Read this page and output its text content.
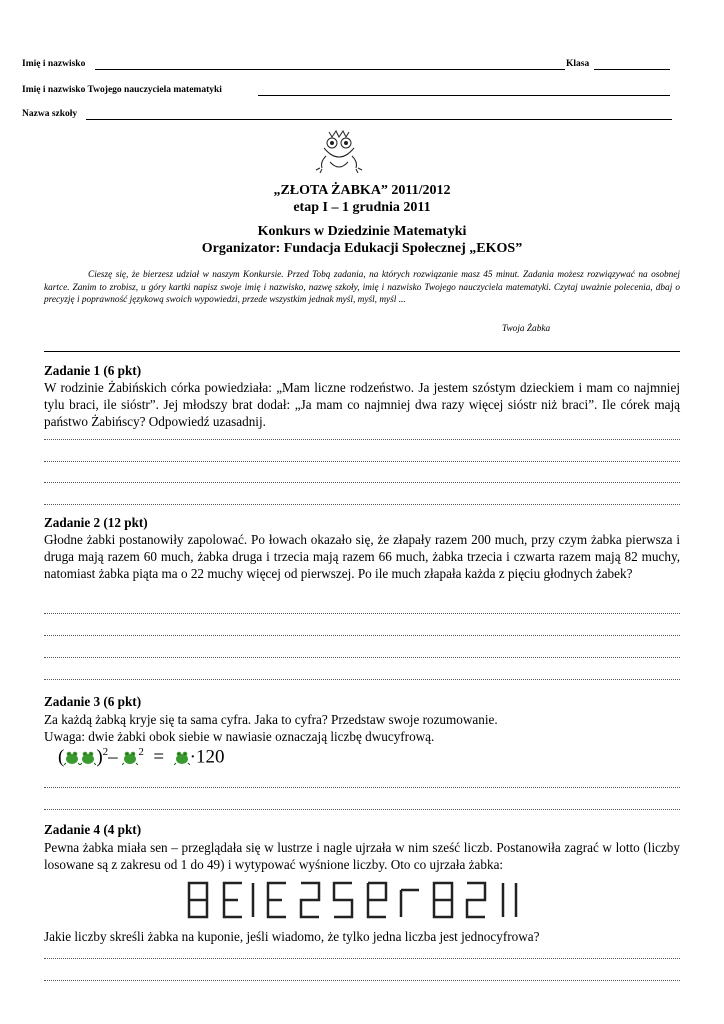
Imię i nazwisko	Klasa
Imię i nazwisko Twojego nauczyciela matematyki
Nazwa szkoły
„ZŁOTA ŻABKA” 2011/2012
etap I – 1 grudnia 2011
Konkurs w Dziedzinie Matematyki
Organizator: Fundacja Edukacji Społecznej „EKOS”
Cieszę się, że bierzesz udział w naszym Konkursie. Przed Tobą zadania, na których rozwiązanie masz 45 minut. Zadania możesz rozwiązywać na osobnej kartce. Zanim to zrobisz, u góry kartki napisz swoje imię i nazwisko, nazwę szkoły, imię i nazwisko Twojego nauczyciela matematyki. Czytaj uważnie polecenia, dbaj o precyzję i poprawność językową swoich wypowiedzi, przede wszystkim jednak myśl, myśl, myśl ...
Twoja Żabka
Zadanie 1 (6 pkt)
W rodzinie Żabińskich córka powiedziała: „Mam liczne rodzeństwo. Ja jestem szóstym dzieckiem i mam co najmniej tylu braci, ile sióstr”. Jej młodszy brat dodał: „Ja mam co najmniej dwa razy więcej sióstr niż braci”. Ile córek mają państwo Żabińscy? Odpowiedź uzasadnij.
Zadanie 2 (12 pkt)
Głodne żabki postanowiły zapolować. Po łowach okazało się, że złapały razem 200 much, przy czym żabka pierwsza i druga mają razem 60 much, żabka druga i trzecia mają razem 66 much, żabka trzecia i czwarta razem mają 82 muchy, natomiast żabka piąta ma o 22 muchy więcej od pierwszej. Po ile much złapała każda z pięciu głodnych żabek?
Zadanie 3 (6 pkt)
Za każdą żabką kryje się ta sama cyfra. Jaka to cyfra? Przedstaw swoje rozumowanie.
Uwaga: dwie żabki obok siebie w nawiasie oznaczają liczbę dwucyfrową.
( )$^2$– $^2$ = ·120
Zadanie 4 (4 pkt)
Pewna żabka miała sen – przeglądała się w lustrze i nagle ujrzała w nim sześć liczb. Postanowiła zagrać w lotto (liczby losowane są z zakresu od 1 do 49) i wytypować wyśnione liczby. Oto co ujrzała żabka:
Jakie liczby skreśli żabka na kuponie, jeśli wiadomo, że tylko jedna liczba jest jednocyfrowa?
